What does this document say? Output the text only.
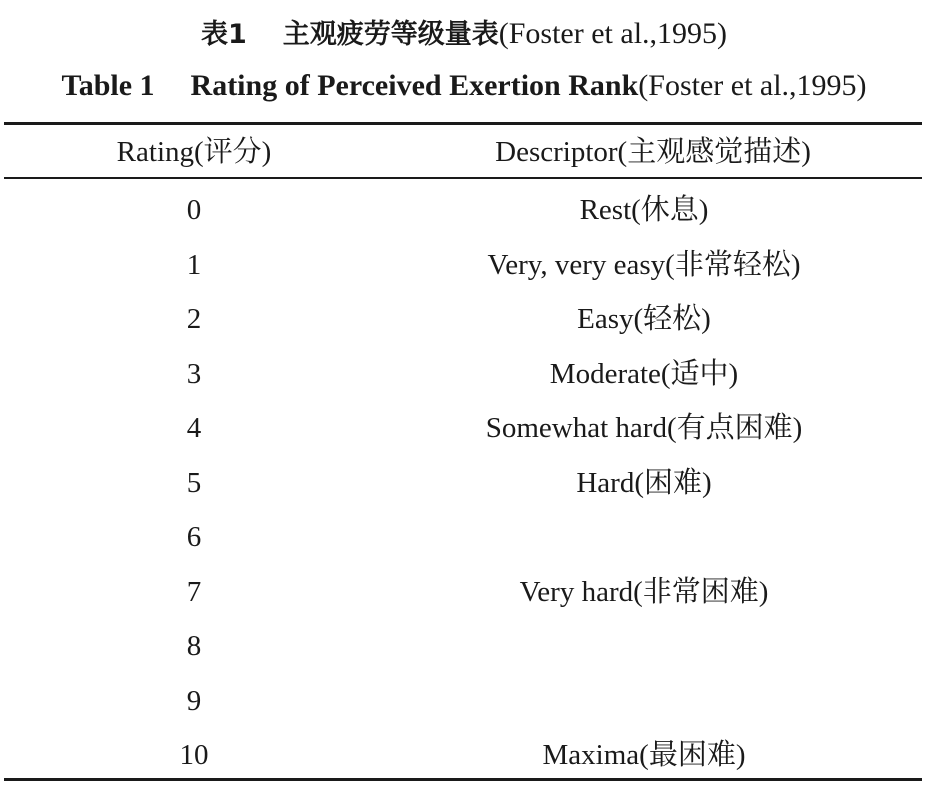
表1 主观疲劳等级量表(Foster et al.,1995)
Table 1 Rating of Perceived Exertion Rank(Foster et al.,1995)
Rating(评分)	Descriptor(主观感觉描述)
0	Rest(休息)
1	Very, very easy(非常轻松)
2	Easy(轻松)
3	Moderate(适中)
4	Somewhat hard(有点困难)
5	Hard(困难)
6
7	Very hard(非常困难)
8
9
10	Maxima(最困难)
